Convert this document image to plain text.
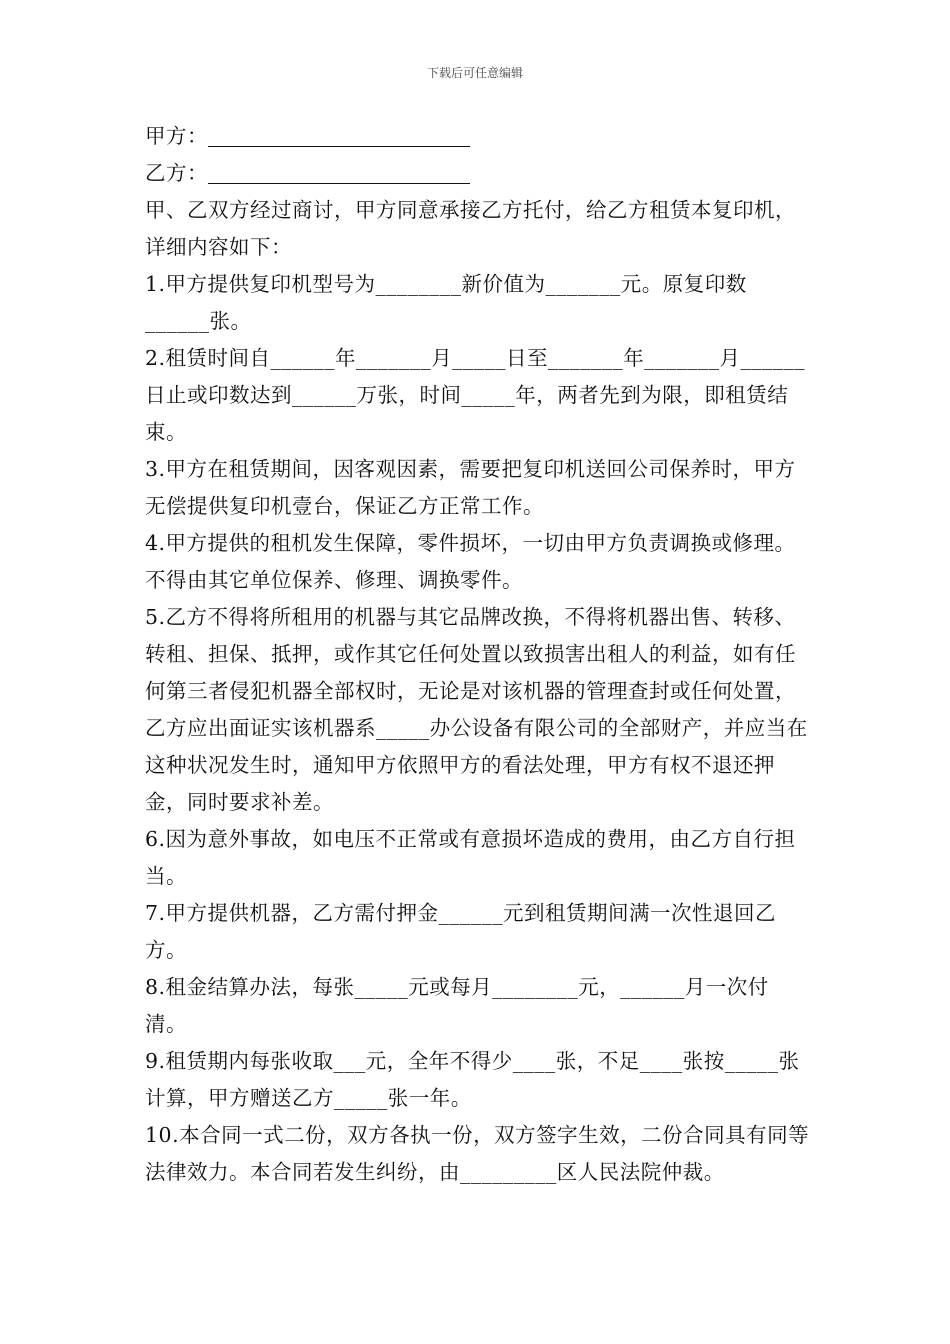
下载后可任意编辑

甲方：

乙方：

甲、乙双方经过商讨，甲方同意承接乙方托付，给乙方租赁本复印机，详细内容如下：

1.甲方提供复印机型号为________新价值为_______元。原复印数______张。

2.租赁时间自______年_______月_____日至_______年_______月______日止或印数达到______万张，时间_____年，两者先到为限，即租赁结束。

3.甲方在租赁期间，因客观因素，需要把复印机送回公司保养时，甲方无偿提供复印机壹台，保证乙方正常工作。

4.甲方提供的租机发生保障，零件损坏，一切由甲方负责调换或修理。不得由其它单位保养、修理、调换零件。

5.乙方不得将所租用的机器与其它品牌改换，不得将机器出售、转移、转租、担保、抵押，或作其它任何处置以致损害出租人的利益，如有任何第三者侵犯机器全部权时，无论是对该机器的管理查封或任何处置，乙方应出面证实该机器系_____办公设备有限公司的全部财产，并应当在这种状况发生时，通知甲方依照甲方的看法处理，甲方有权不退还押金，同时要求补差。

6.因为意外事故，如电压不正常或有意损坏造成的费用，由乙方自行担当。

7.甲方提供机器，乙方需付押金______元到租赁期间满一次性退回乙方。

8.租金结算办法，每张_____元或每月________元，______月一次付清。

9.租赁期内每张收取___元，全年不得少____张，不足____张按_____张计算，甲方赠送乙方_____张一年。

10.本合同一式二份，双方各执一份，双方签字生效，二份合同具有同等法律效力。本合同若发生纠纷，由_________区人民法院仲裁。
